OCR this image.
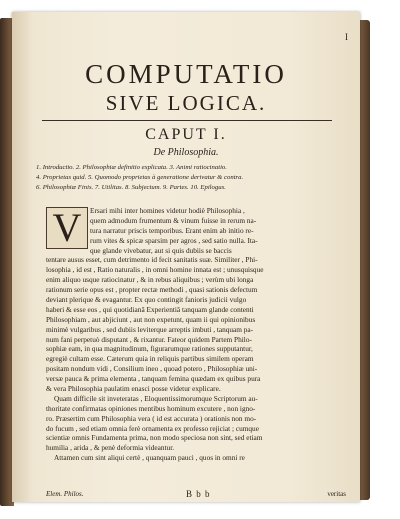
I
COMPUTATIO
SIVE LOGICA.
CAPUT I.
De Philosophia.
1. Introductio. 2. Philosophiæ definitio explicata. 3. Animi ratiocinatio.
4. Proprietas quid. 5. Quomodo proprietas à generatione derivatur & contra.
6. Philosophiæ Finis. 7. Utilitas. 8. Subjectum. 9. Partes. 10. Epilogus.
V	Ersari mihi inter homines videtur hodiè Philosophia ,
quem admodum frumentum & vinum fuisse in rerum na-
tura narratur priscis temporibus. Erant enim ab initio re-
rum vites & spicæ sparsim per agros , sed satio nulla. Ita-
que glande vivebatur, aut si quis dubiis se baccis
tentare ausus esset, cum detrimento id fecit sanitatis suæ. Similiter , Phi-
losophia , id est , Ratio naturalis , in omni homine innata est ; unusquisque
enim aliquo usque ratiocinatur , & in rebus aliquibus ; verùm ubi longa
rationum serie opus est , propter rectæ methodi , quasi sationis defectum
deviant plerique & evagantur. Ex quo contingit fanioris judicii vulgo
haberi & esse eos , qui quotidianâ Experientiâ tanquam glande contenti
Philosophiam , aut abjiciunt , aut non expetunt, quam ii qui opinionibus
minimè vulgaribus , sed dubiis leviterque arreptis imbuti , tanquam pa-
num fani perpetuò disputant , & rixantur. Fateor quidem Partem Philo-
sophiæ eam, in qua magnitudinum, figurarumque rationes supputantur,
egregiè cultam esse. Cæterum quia in reliquis partibus similem operam
positam nondum vidi , Consilium ineo , quoad potero , Philosophiæ uni-
versæ pauca & prima elementa , tanquam femina quædam ex quibus pura
& vera Philosophia paulatim enasci posse videtur explicare.
Quam difficile sit inveteratas , Eloquentissimorumque Scriptorum au-
thoritate confirmatas opiniones mentibus hominum excutere , non igno-
ro. Præsertim cum Philosophia vera ( id est accurata ) orationis non mo-
do fucum , sed etiam omnia ferè ornamenta ex professo rejiciat ; cumque
scientiæ omnis Fundamenta prima, non modo speciosa non sint, sed etiam
humilia , arida , & penè deformia videantur.
Attamen cum sint aliqui certè , quanquam pauci , quos in omni re
Elem. Philos.	B b b	veritas
